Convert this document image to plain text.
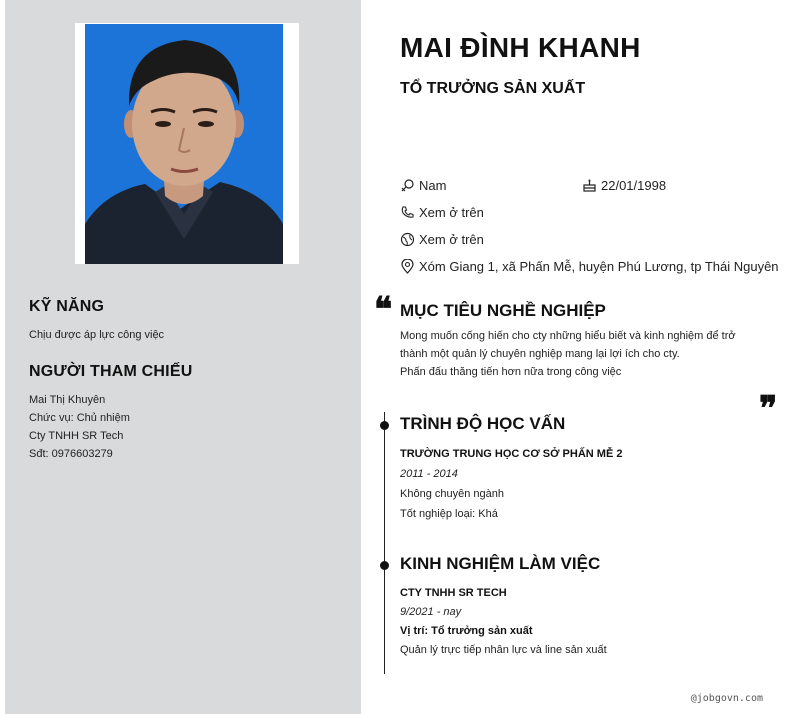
KỸ NĂNG

Chịu được áp lực công việc

NGƯỜI THAM CHIẾU

Mai Thị Khuyên

Chức vụ: Chủ nhiệm

Cty TNHH SR Tech

Sđt: 0976603279

MAI ĐÌNH KHANH
TỔ TRƯỞNG SẢN XUẤT
Nam	22/01/1998
Xem ở trên
Xem ở trên
Xóm Giang 1, xã Phấn Mễ, huyện Phú Lương, tp Thái Nguyên
❝ MỤC TIÊU NGHỀ NGHIỆP

Mong muốn cống hiến cho cty những hiểu biết và kinh nghiệm để trở

thành một quản lý chuyên nghiệp mang lại lợi ích cho cty.

Phấn đấu thăng tiến hơn nữa trong công việc

❞
TRÌNH ĐỘ HỌC VẤN

TRƯỜNG TRUNG HỌC CƠ SỞ PHẤN MỄ 2

2011 - 2014

Không chuyên ngành

Tốt nghiệp loại: Khá

KINH NGHIỆM LÀM VIỆC

CTY TNHH SR TECH

9/2021 - nay

Vị trí: Tổ trưởng sản xuất

Quản lý trực tiếp nhân lực và line sản xuất

@jobgovn.com
